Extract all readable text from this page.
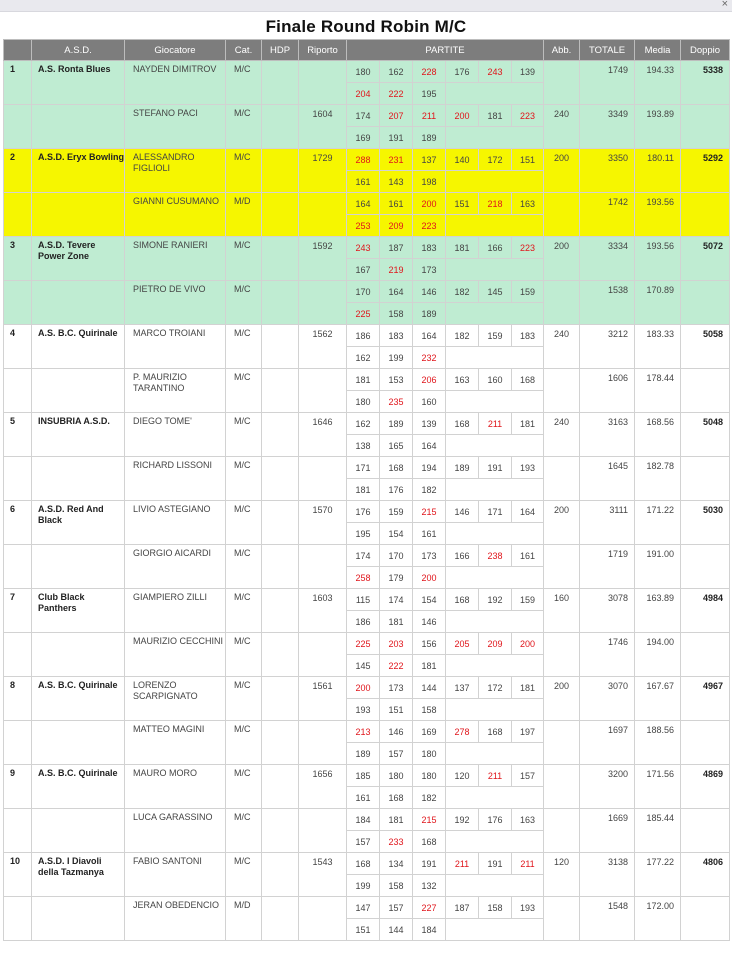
×
Finale Round Robin M/C
	A.S.D.	Giocatore	Cat.	HDP	Riporto	PARTITE						Abb.	TOTALE	Media	Doppio
1	A.S. Ronta Blues	NAYDEN DIMITROV	M/C			180	162	228	176	243	139		1749	194.33	5338
						204	222	195							
		STEFANO PACI	M/C		1604	174	207	211	200	181	223	240	3349	193.89	
						169	191	189							
2	A.S.D. Eryx Bowling	ALESSANDRO FIGLIOLI	M/C		1729	288	231	137	140	172	151	200	3350	180.11	5292
						161	143	198							
		GIANNI CUSUMANO	M/D			164	161	200	151	218	163		1742	193.56	
						253	209	223							
3	A.S.D. Tevere Power Zone	SIMONE RANIERI	M/C		1592	243	187	183	181	166	223	200	3334	193.56	5072
						167	219	173							
		PIETRO DE VIVO	M/C			170	164	146	182	145	159		1538	170.89	
						225	158	189							
4	A.S. B.C. Quirinale	MARCO TROIANI	M/C		1562	186	183	164	182	159	183	240	3212	183.33	5058
						162	199	232							
		P. MAURIZIO TARANTINO	M/C			181	153	206	163	160	168		1606	178.44	
						180	235	160							
5	INSUBRIA A.S.D.	DIEGO TOME'	M/C		1646	162	189	139	168	211	181	240	3163	168.56	5048
						138	165	164							
		RICHARD LISSONI	M/C			171	168	194	189	191	193		1645	182.78	
						181	176	182							
6	A.S.D. Red And Black	LIVIO ASTEGIANO	M/C		1570	176	159	215	146	171	164	200	3111	171.22	5030
						195	154	161							
		GIORGIO AICARDI	M/C			174	170	173	166	238	161		1719	191.00	
						258	179	200							
7	Club Black Panthers	GIAMPIERO ZILLI	M/C		1603	115	174	154	168	192	159	160	3078	163.89	4984
						186	181	146							
		MAURIZIO CECCHINI	M/C			225	203	156	205	209	200		1746	194.00	
						145	222	181							
8	A.S. B.C. Quirinale	LORENZO SCARPIGNATO	M/C		1561	200	173	144	137	172	181	200	3070	167.67	4967
						193	151	158							
		MATTEO MAGINI	M/C			213	146	169	278	168	197		1697	188.56	
						189	157	180							
9	A.S. B.C. Quirinale	MAURO MORO	M/C		1656	185	180	180	120	211	157		3200	171.56	4869
						161	168	182							
		LUCA GARASSINO	M/C			184	181	215	192	176	163		1669	185.44	
						157	233	168							
10	A.S.D. I Diavoli della Tazmanya	FABIO SANTONI	M/C		1543	168	134	191	211	191	211	120	3138	177.22	4806
						199	158	132							
		JERAN OBEDENCIO	M/D			147	157	227	187	158	193		1548	172.00	
						151	144	184							
